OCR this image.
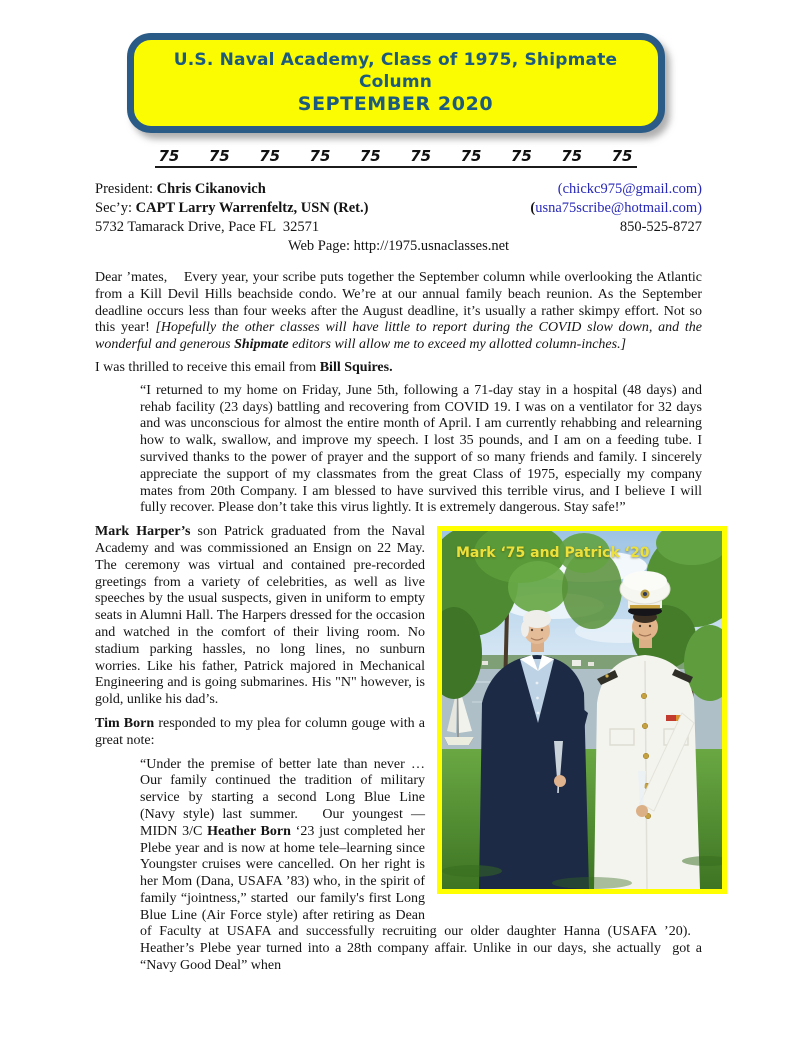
U.S. Naval Academy, Class of 1975, Shipmate Column
SEPTEMBER 2020
75 75 75 75 75 75 75 75 75 75
President: Chris Cikanovich	(chickc975@gmail.com)
Sec’y: CAPT Larry Warrenfeltz, USN (Ret.)	(usna75scribe@hotmail.com)
5732 Tamarack Drive, Pace FL  32571	850-525-8727
Web Page: http://1975.usnaclasses.net

Dear ’mates,    Every year, your scribe puts together the September column while overlooking the Atlantic from a Kill Devil Hills beachside condo. We’re at our annual family beach reunion. As the September deadline occurs less than four weeks after the August deadline, it’s usually a rather skimpy effort. Not so this year! [Hopefully the other classes will have little to report during the COVID slow down, and the wonderful and generous Shipmate editors will allow me to exceed my allotted column-inches.]

I was thrilled to receive this email from Bill Squires.

“I returned to my home on Friday, June 5th, following a 71-day stay in a hospital (48 days) and rehab facility (23 days) battling and recovering from COVID 19. I was on a ventilator for 32 days and was unconscious for almost the entire month of April. I am currently rehabbing and relearning how to walk, swallow, and improve my speech. I lost 35 pounds, and I am on a feeding tube. I survived thanks to the power of prayer and the support of so many friends and family. I sincerely appreciate the support of my classmates from the great Class of 1975, especially my company mates from 20th Company. I am blessed to have survived this terrible virus, and I believe I will fully recover. Please don’t take this virus lightly. It is extremely dangerous. Stay safe!”

Mark ‘75 and Patrick ‘20

Mark Harper’s son Patrick graduated from the Naval Academy and was commissioned an Ensign on 22 May. The ceremony was virtual and contained pre-recorded greetings from a variety of celebrities, as well as live speeches by the usual suspects, given in uniform to empty seats in Alumni Hall. The Harpers dressed for the occasion and watched in the comfort of their living room. No stadium parking hassles, no long lines, no sunburn worries. Like his father, Patrick majored in Mechanical Engineering and is going submarines. His "N" however, is gold, unlike his dad’s.

Tim Born responded to my plea for column gouge with a great note:

“Under the premise of better late than never … Our family continued the tradition of military service by starting a second Long Blue Line (Navy style) last summer.   Our youngest — MIDN 3/C Heather Born ‘23 just completed her Plebe year and is now at home tele–learning since Youngster cruises were cancelled. On her right is her Mom (Dana, USAFA ’83) who, in the spirit of family “jointness,” started  our family's first Long Blue Line (Air Force style) after retiring as Dean of Faculty at USAFA and successfully recruiting our older daughter Hanna (USAFA ’20).   Heather’s Plebe year turned into a 28th company affair. Unlike in our days, she actually  got a “Navy Good Deal” when
